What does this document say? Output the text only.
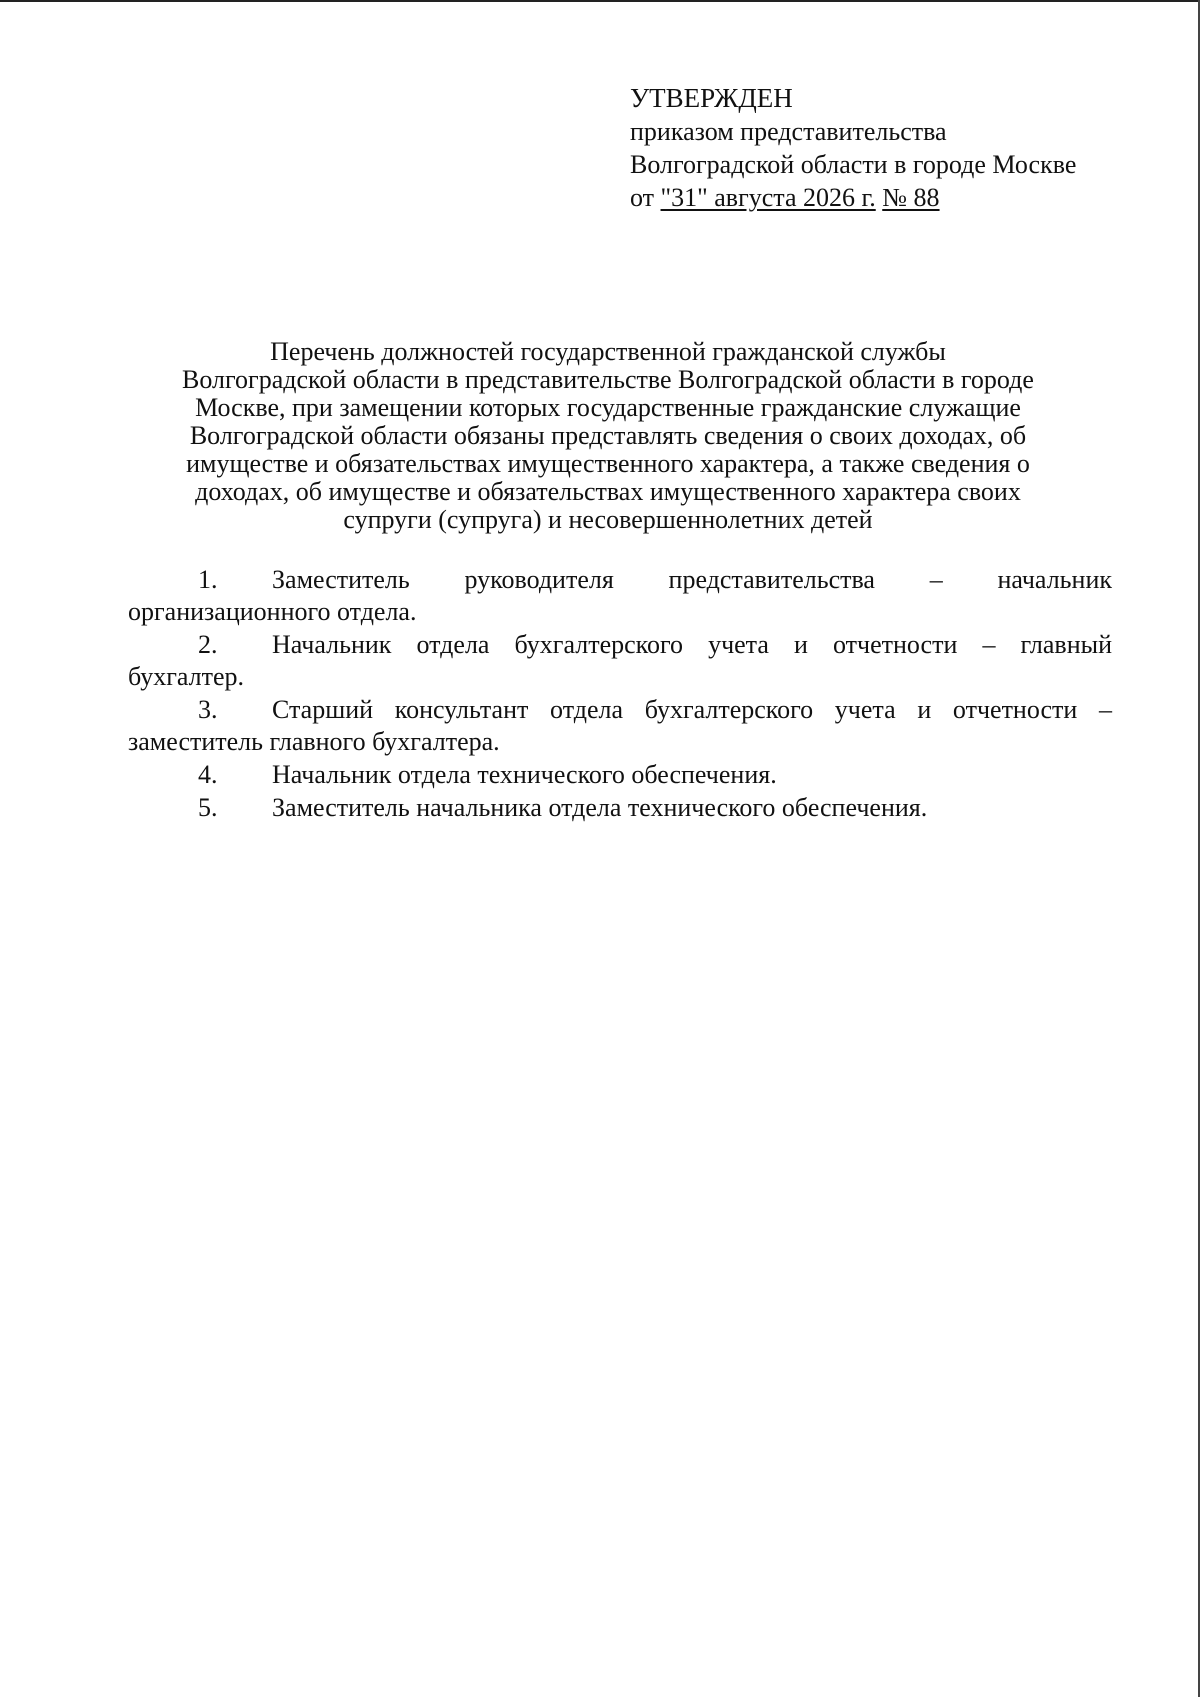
УТВЕРЖДЕН
приказом представительства
Волгоградской области в городе Москве
от "31" августа 2026 г. № 88
Перечень должностей государственной гражданской службы
Волгоградской области в представительстве Волгоградской области в городе
Москве, при замещении которых государственные гражданские служащие
Волгоградской области обязаны представлять сведения о своих доходах, об
имуществе и обязательствах имущественного характера, а также сведения о
доходах, об имуществе и обязательствах имущественного характера своих
супруги (супруга) и несовершеннолетних детей
1.	Заместитель руководителя представительства – начальник
организационного отдела.
2.	Начальник отдела бухгалтерского учета и отчетности – главный
бухгалтер.
3.	Старший консультант отдела бухгалтерского учета и отчетности –
заместитель главного бухгалтера.
4.	Начальник отдела технического обеспечения.
5.	Заместитель начальника отдела технического обеспечения.
